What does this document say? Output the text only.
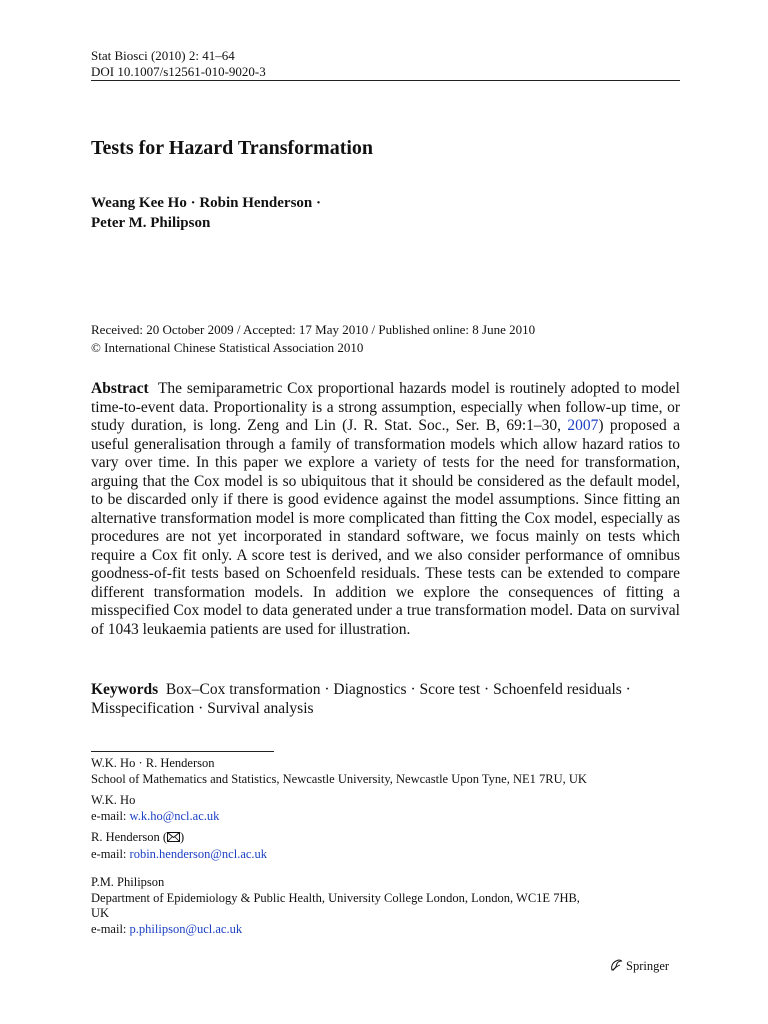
Stat Biosci (2010) 2: 41–64
DOI 10.1007/s12561-010-9020-3
Tests for Hazard Transformation
Weang Kee Ho · Robin Henderson ·
Peter M. Philipson
Received: 20 October 2009 / Accepted: 17 May 2010 / Published online: 8 June 2010
© International Chinese Statistical Association 2010
Abstract The semiparametric Cox proportional hazards model is routinely adopted to model time-to-event data. Proportionality is a strong assumption, especially when follow-up time, or study duration, is long. Zeng and Lin (J. R. Stat. Soc., Ser. B, 69:1–30, 2007) proposed a useful generalisation through a family of transformation models which allow hazard ratios to vary over time. In this paper we explore a variety of tests for the need for transformation, arguing that the Cox model is so ubiquitous that it should be considered as the default model, to be discarded only if there is good evidence against the model assumptions. Since fitting an alternative transformation model is more complicated than fitting the Cox model, especially as procedures are not yet incorporated in standard software, we focus mainly on tests which require a Cox fit only. A score test is derived, and we also consider performance of omnibus goodness-of-fit tests based on Schoenfeld residuals. These tests can be extended to compare different transformation models. In addition we explore the consequences of fitting a misspecified Cox model to data generated under a true transformation model. Data on survival of 1043 leukaemia patients are used for illustration.
Keywords Box–Cox transformation · Diagnostics · Score test · Schoenfeld residuals · Misspecification · Survival analysis
W.K. Ho · R. Henderson
School of Mathematics and Statistics, Newcastle University, Newcastle Upon Tyne, NE1 7RU, UK
W.K. Ho
e-mail: w.k.ho@ncl.ac.uk
R. Henderson ( )
e-mail: robin.henderson@ncl.ac.uk
P.M. Philipson
Department of Epidemiology & Public Health, University College London, London, WC1E 7HB,
UK
e-mail: p.philipson@ucl.ac.uk
Springer
